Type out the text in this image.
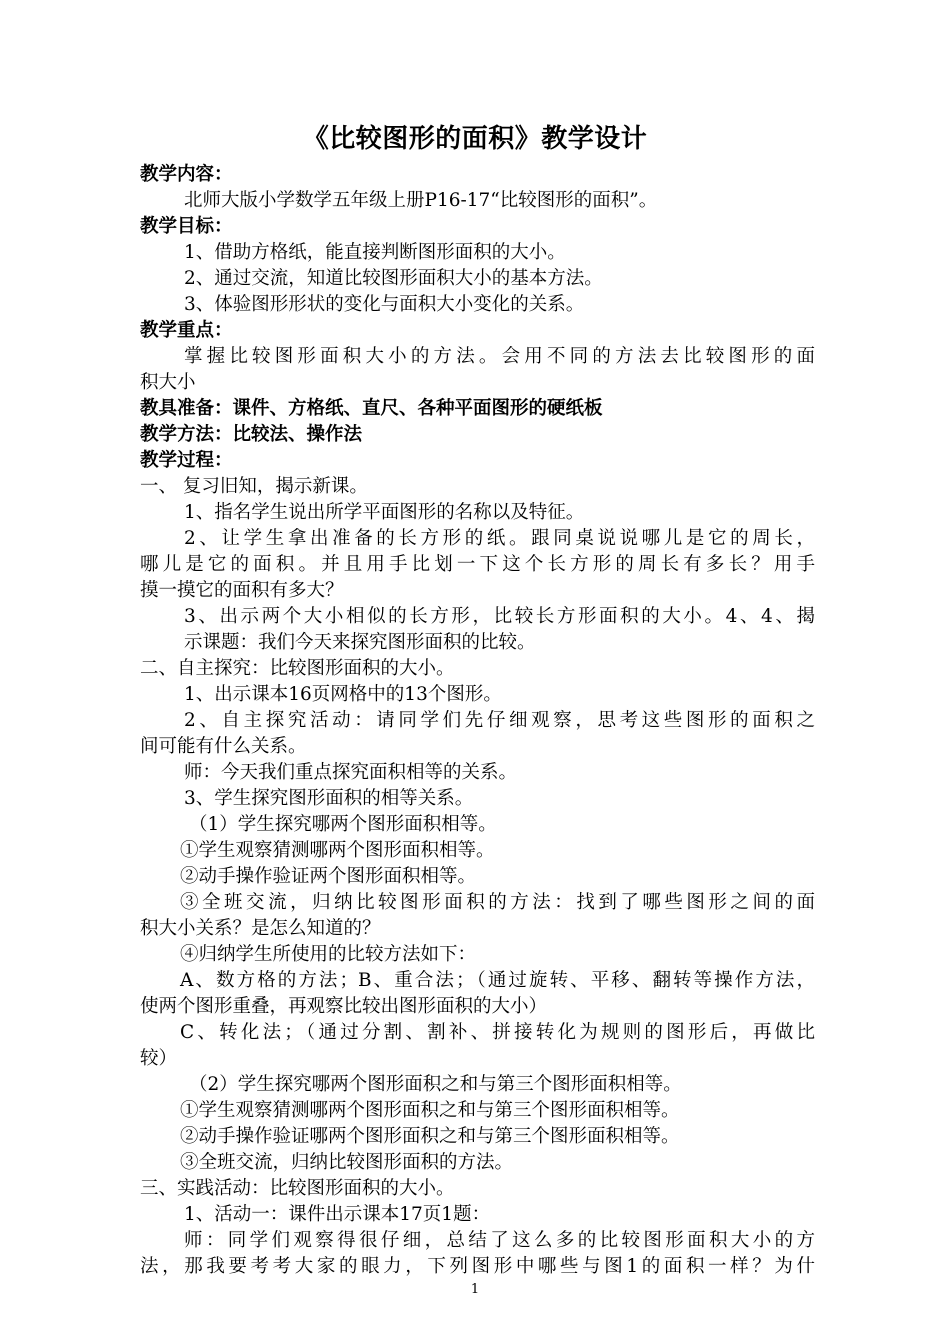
《比较图形的面积》教学设计
教学内容：
北师大版小学数学五年级上册P16-17“比较图形的面积”。
教学目标：
1、借助方格纸，能直接判断图形面积的大小。
2、通过交流，知道比较图形面积大小的基本方法。
3、体验图形形状的变化与面积大小变化的关系。
教学重点：
掌握比较图形面积大小的方法。会用不同的方法去比较图形的面
积大小
教具准备：课件、方格纸、直尺、各种平面图形的硬纸板
教学方法：比较法、操作法
教学过程：
一、 复习旧知，揭示新课。
1、指名学生说出所学平面图形的名称以及特征。
2、让学生拿出准备的长方形的纸。跟同桌说说哪儿是它的周长，
哪儿是它的面积。并且用手比划一下这个长方形的周长有多长？用手
摸一摸它的面积有多大？
3、出示两个大小相似的长方形，比较长方形面积的大小。4、4、揭
示课题：我们今天来探究图形面积的比较。
二、自主探究：比较图形面积的大小。
1、出示课本16页网格中的13个图形。
2、自主探究活动：请同学们先仔细观察，思考这些图形的面积之
间可能有什么关系。
师：今天我们重点探究面积相等的关系。
3、学生探究图形面积的相等关系。
（1）学生探究哪两个图形面积相等。
①学生观察猜测哪两个图形面积相等。
②动手操作验证两个图形面积相等。
③全班交流，归纳比较图形面积的方法：找到了哪些图形之间的面
积大小关系？是怎么知道的？
④归纳学生所使用的比较方法如下：
A、数方格的方法；B、重合法；（通过旋转、平移、翻转等操作方法，
使两个图形重叠，再观察比较出图形面积的大小）
C、转化法；（通过分割、割补、拼接转化为规则的图形后，再做比
较）
（2）学生探究哪两个图形面积之和与第三个图形面积相等。
①学生观察猜测哪两个图形面积之和与第三个图形面积相等。
②动手操作验证哪两个图形面积之和与第三个图形面积相等。
③全班交流，归纳比较图形面积的方法。
三、实践活动：比较图形面积的大小。
1、活动一：课件出示课本17页1题：
师：同学们观察得很仔细，总结了这么多的比较图形面积大小的方
法，那我要考考大家的眼力，下列图形中哪些与图1的面积一样？为什
1
